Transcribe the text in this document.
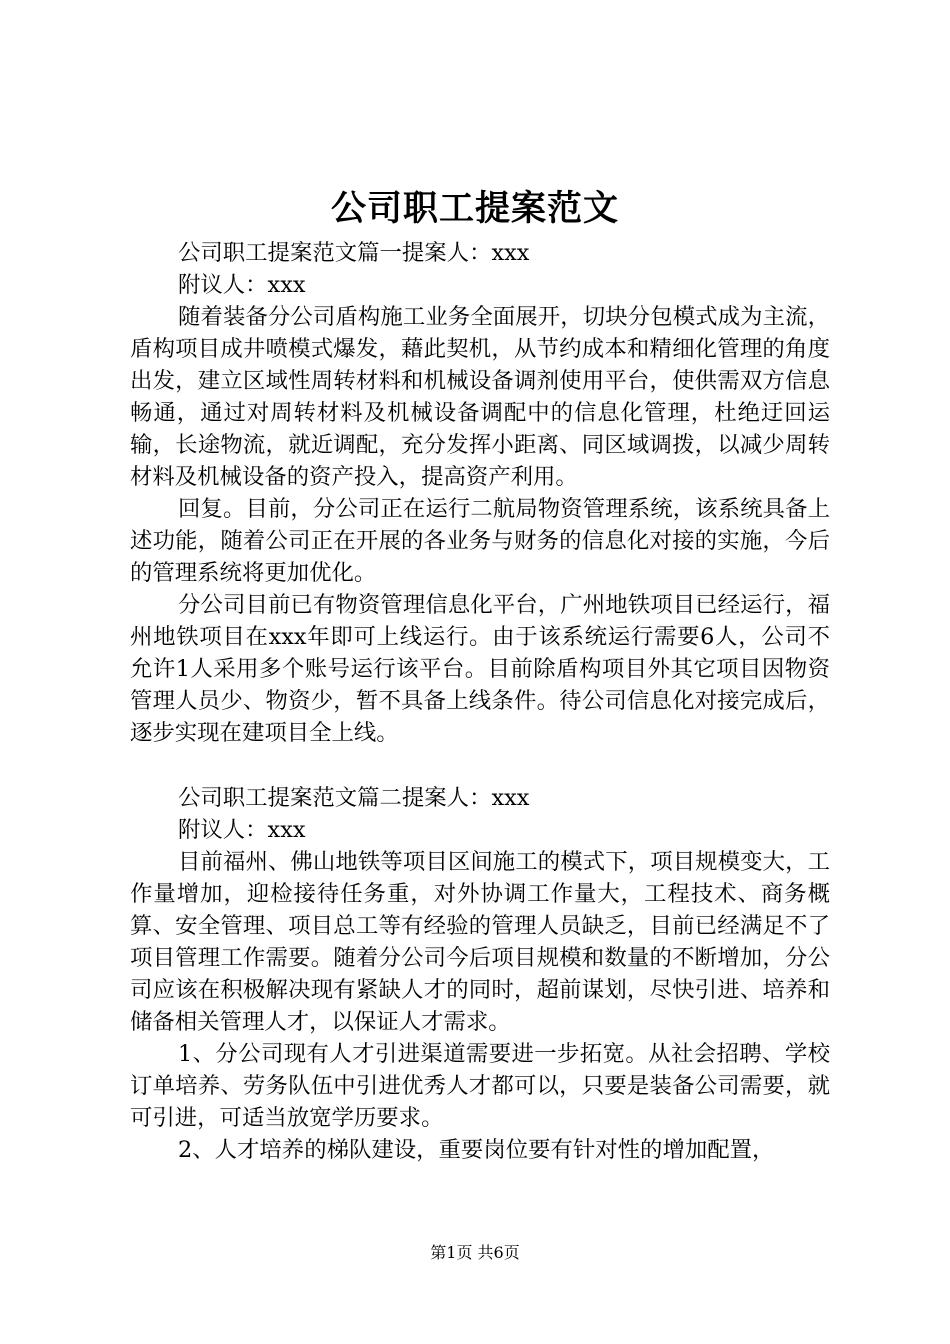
公司职工提案范文

公司职工提案范文篇一提案人：xxx

附议人：xxx

随着装备分公司盾构施工业务全面展开，切块分包模式成为主流，盾构项目成井喷模式爆发，藉此契机，从节约成本和精细化管理的角度出发，建立区域性周转材料和机械设备调剂使用平台，使供需双方信息畅通，通过对周转材料及机械设备调配中的信息化管理，杜绝迂回运输，长途物流，就近调配，充分发挥小距离、同区域调拨，以减少周转材料及机械设备的资产投入，提高资产利用。

回复。目前，分公司正在运行二航局物资管理系统，该系统具备上述功能，随着公司正在开展的各业务与财务的信息化对接的实施，今后的管理系统将更加优化。

分公司目前已有物资管理信息化平台，广州地铁项目已经运行，福州地铁项目在xxx年即可上线运行。由于该系统运行需要6人，公司不允许1人采用多个账号运行该平台。目前除盾构项目外其它项目因物资管理人员少、物资少，暂不具备上线条件。待公司信息化对接完成后，逐步实现在建项目全上线。

公司职工提案范文篇二提案人：xxx

附议人：xxx

目前福州、佛山地铁等项目区间施工的模式下，项目规模变大，工作量增加，迎检接待任务重，对外协调工作量大，工程技术、商务概算、安全管理、项目总工等有经验的管理人员缺乏，目前已经满足不了项目管理工作需要。随着分公司今后项目规模和数量的不断增加，分公司应该在积极解决现有紧缺人才的同时，超前谋划，尽快引进、培养和储备相关管理人才，以保证人才需求。

1、分公司现有人才引进渠道需要进一步拓宽。从社会招聘、学校订单培养、劳务队伍中引进优秀人才都可以，只要是装备公司需要，就可引进，可适当放宽学历要求。

2、人才培养的梯队建设，重要岗位要有针对性的增加配置，

第1页 共6页
